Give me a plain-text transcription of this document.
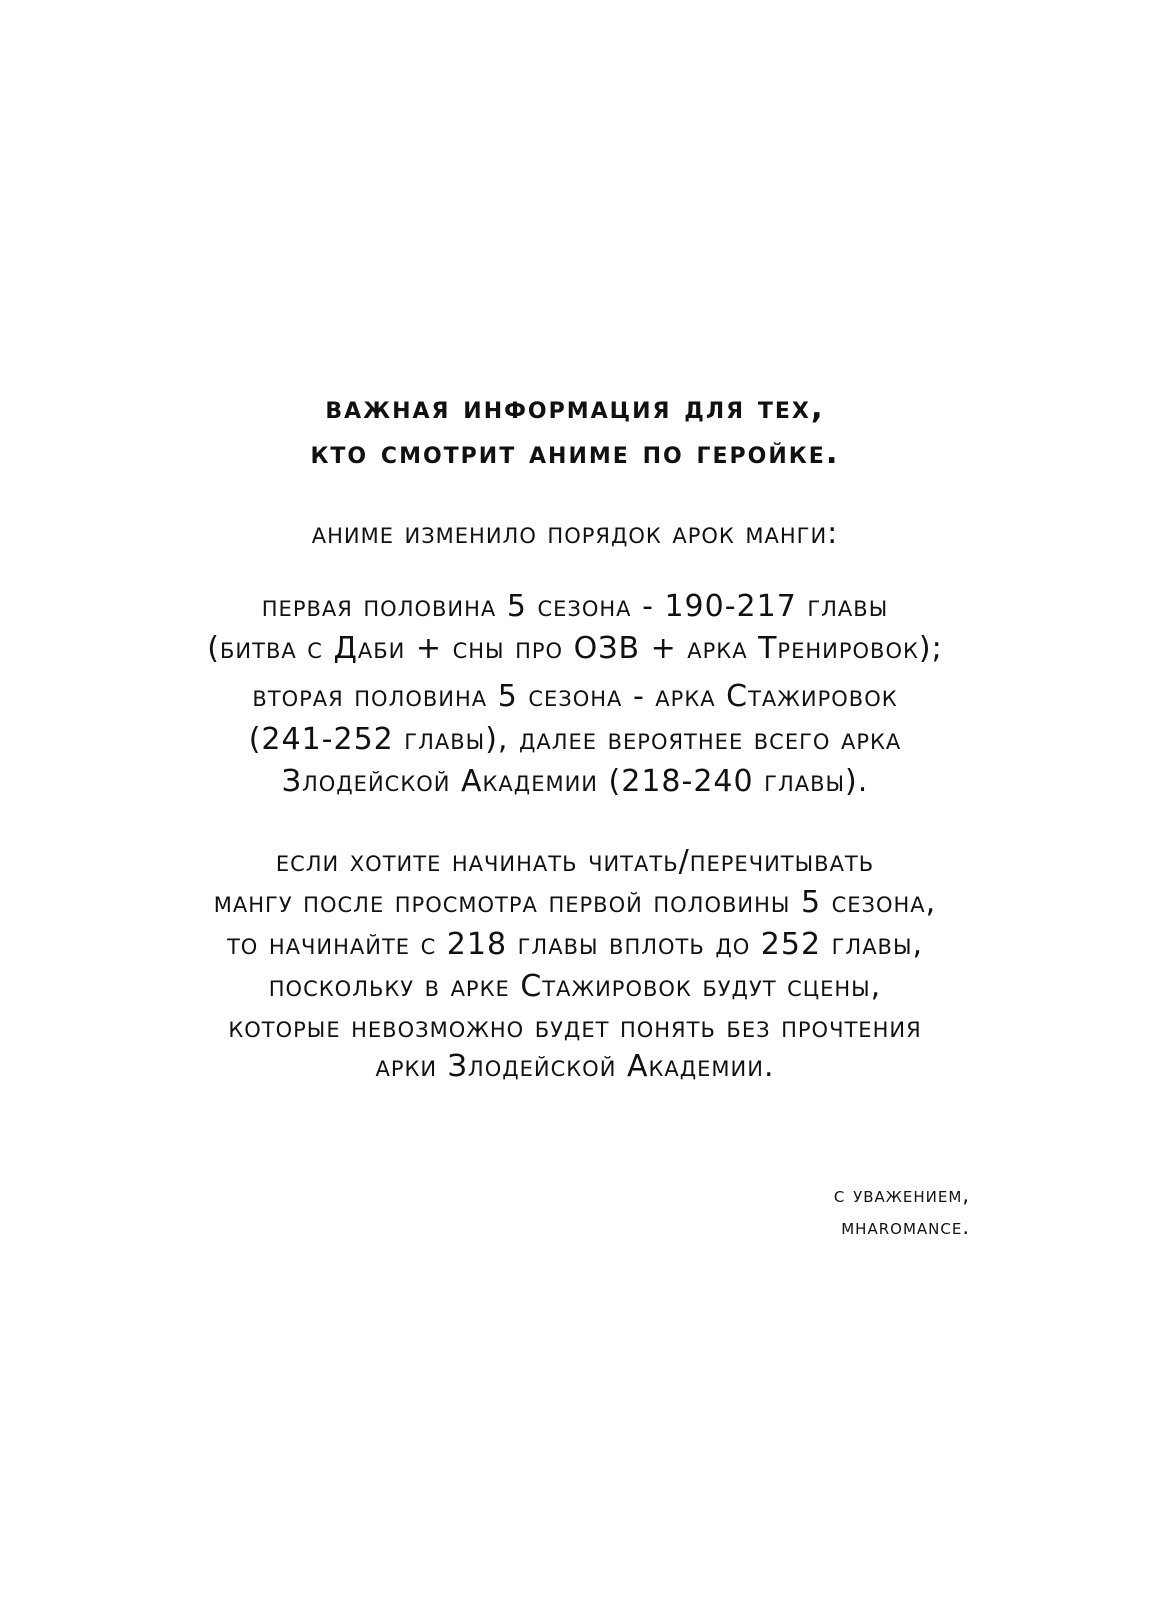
важная информация для тех,
кто смотрит аниме по геройке.
аниме изменило порядок арок манги:
первая половина 5 сезона - 190-217 главы
(битва с Даби + сны про ОЗВ + арка Тренировок);
вторая половина 5 сезона - арка Стажировок
(241-252 главы), далее вероятнее всего арка
Злодейской Академии (218-240 главы).
если хотите начинать читать/перечитывать
мангу после просмотра первой половины 5 сезона,
то начинайте с 218 главы вплоть до 252 главы,
поскольку в арке Стажировок будут сцены,
которые невозможно будет понять без прочтения
арки Злодейской Академии.
с уважением,
mharomance.
